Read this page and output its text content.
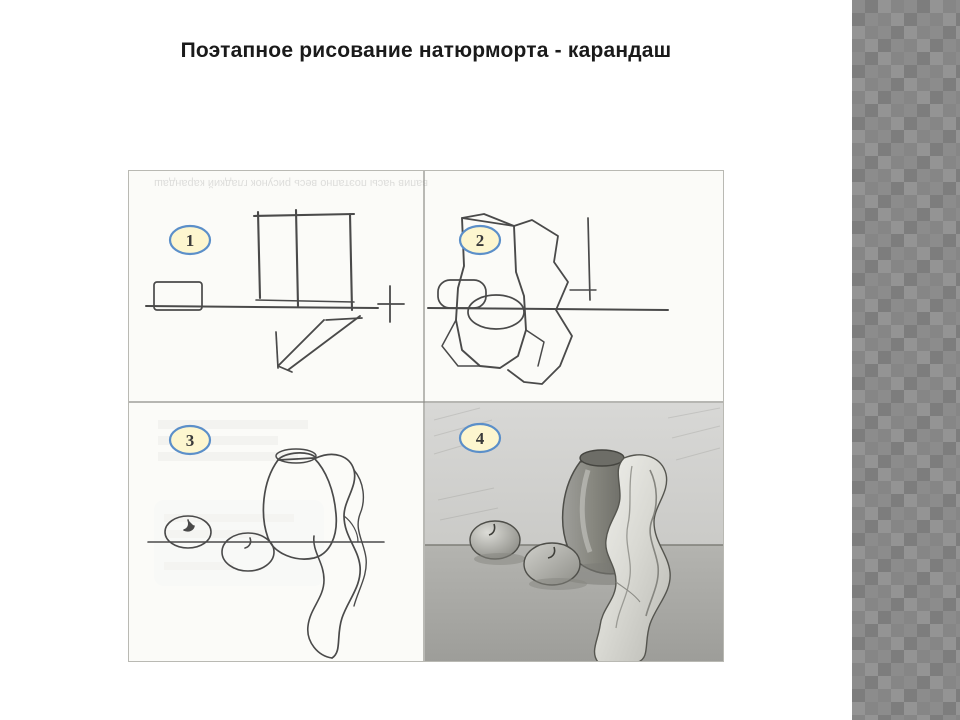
Поэтапное рисование натюрморта - карандаш
вапив часы поэтапно весь рисунок гладкий карандаш
1	2
3	4
